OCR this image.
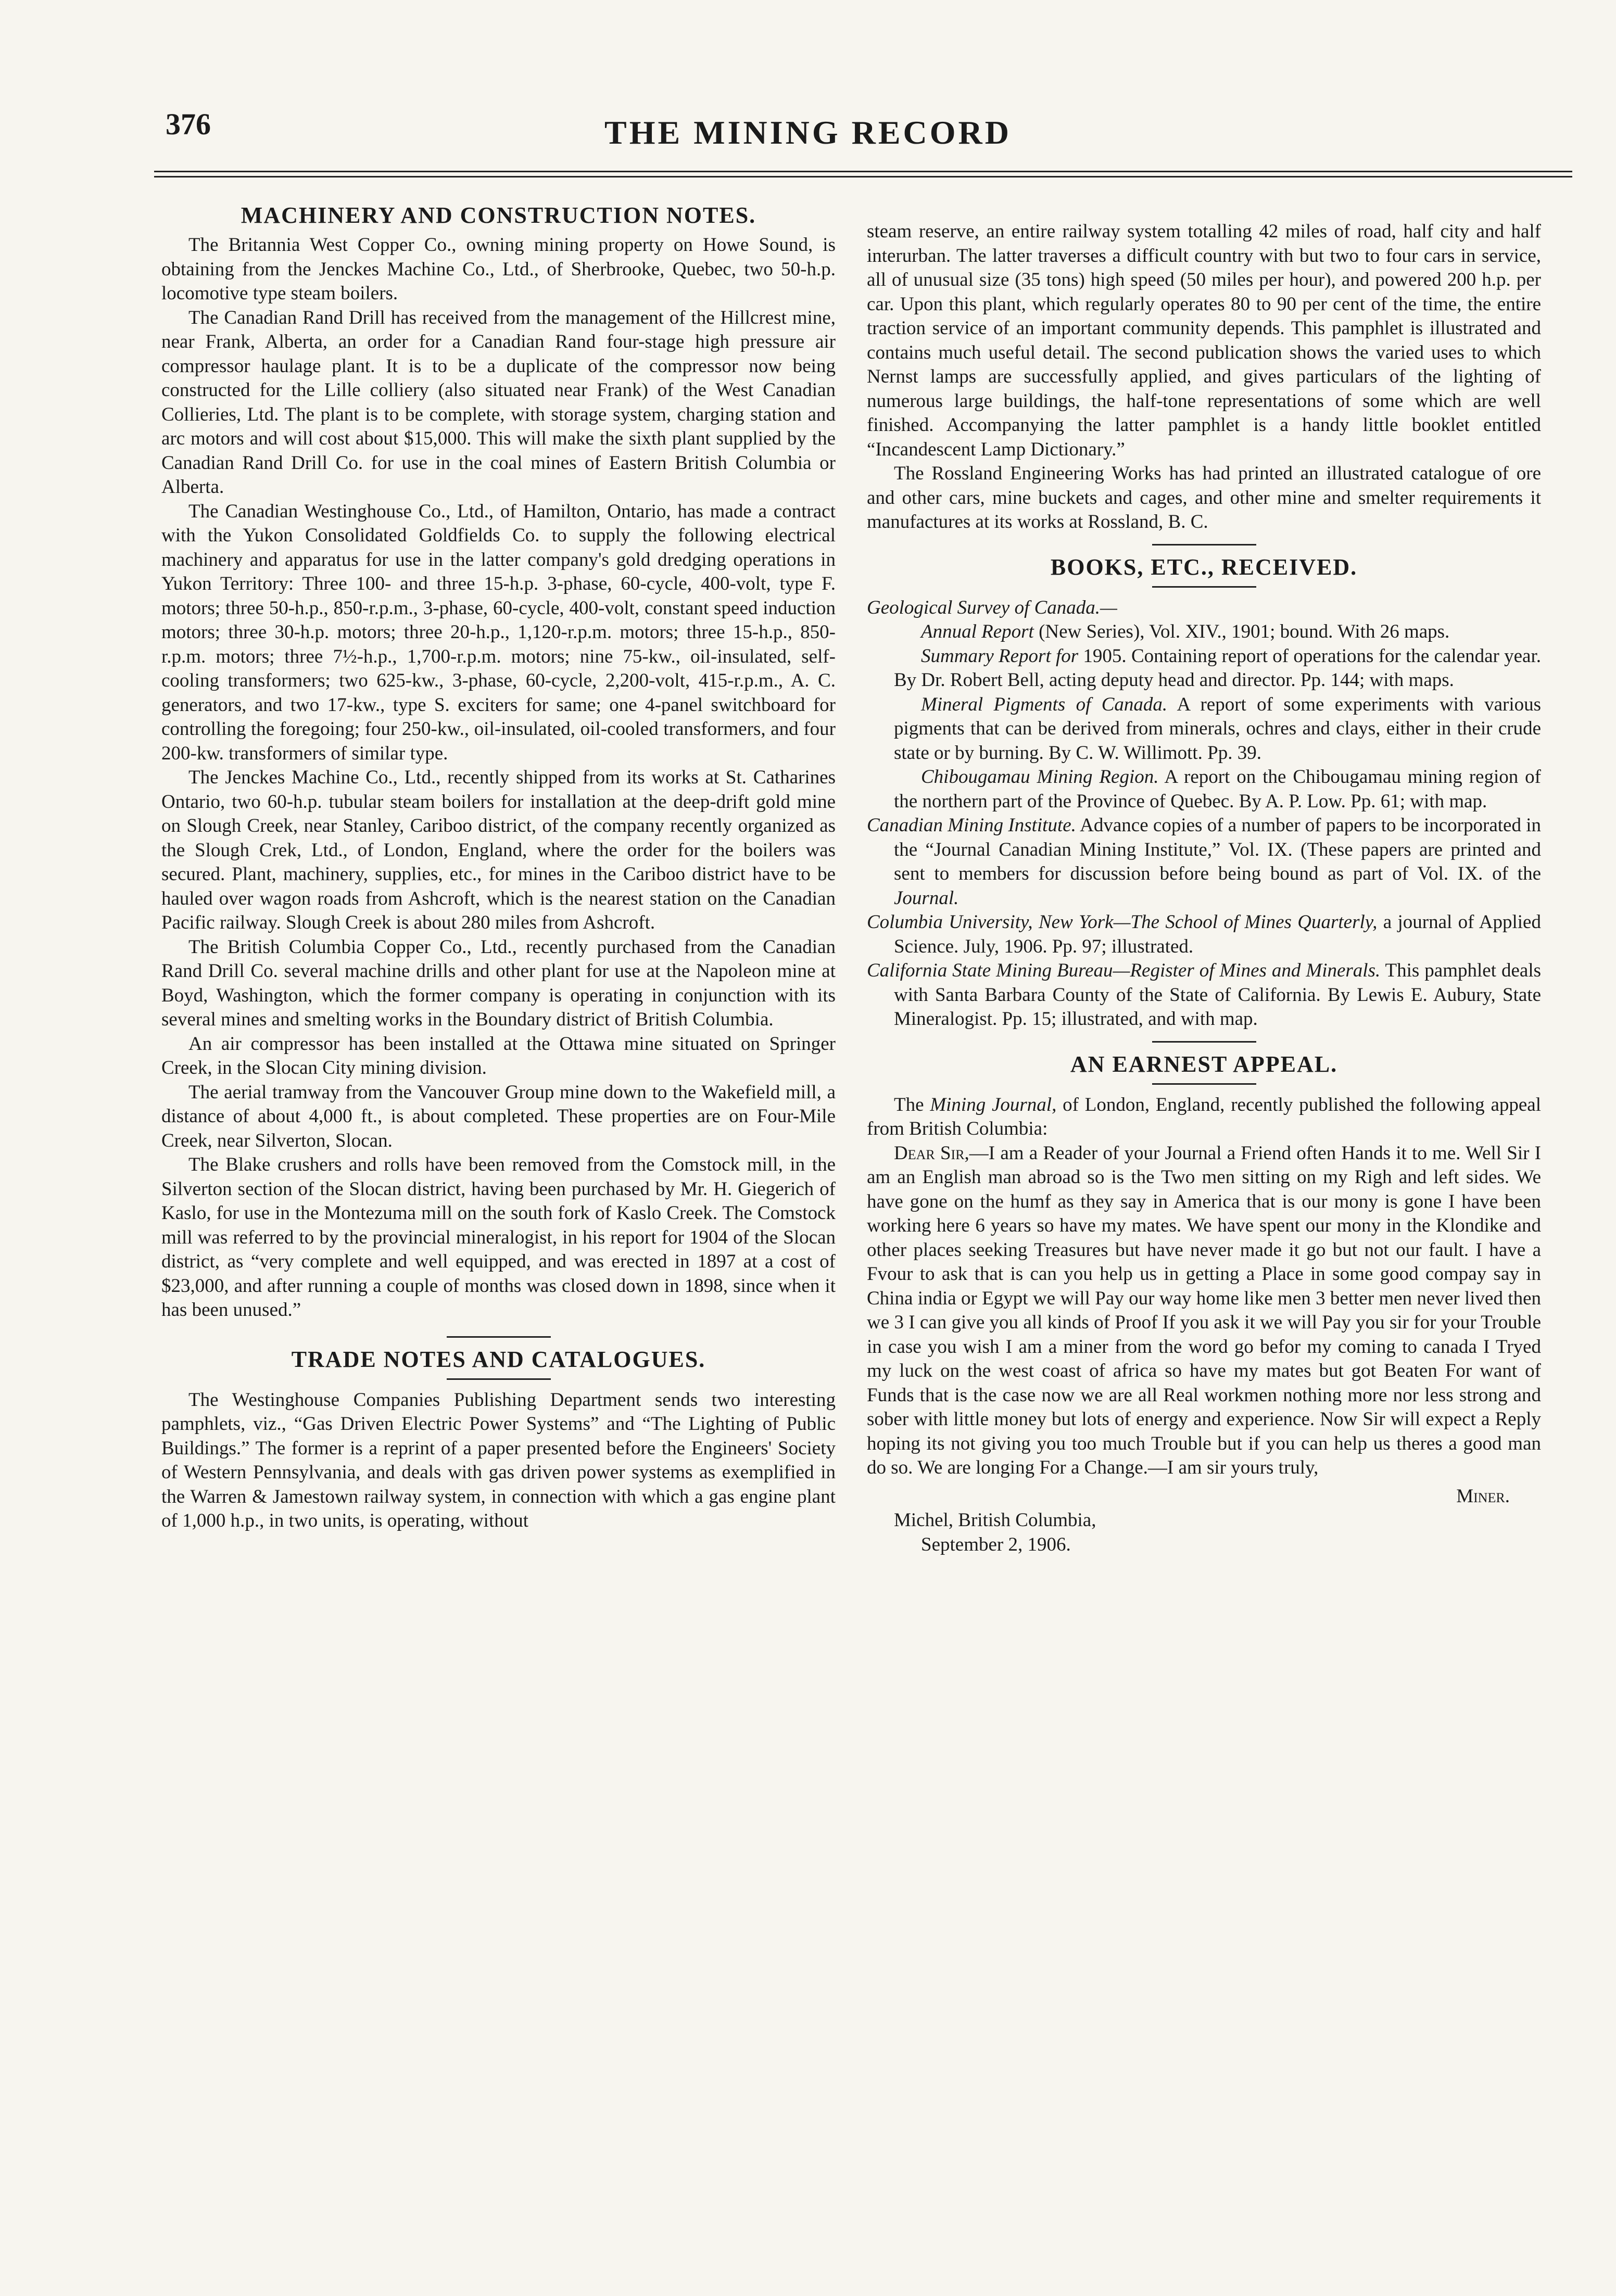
376	THE MINING RECORD
MACHINERY AND CONSTRUCTION NOTES.

The Britannia West Copper Co., owning mining property on Howe Sound, is obtaining from the Jenckes Machine Co., Ltd., of Sherbrooke, Quebec, two 50-h.p. locomotive type steam boilers.

The Canadian Rand Drill has received from the management of the Hillcrest mine, near Frank, Alberta, an order for a Canadian Rand four-stage high pressure air compressor haulage plant. It is to be a duplicate of the compressor now being constructed for the Lille colliery (also situated near Frank) of the West Canadian Collieries, Ltd. The plant is to be complete, with storage system, charging station and arc motors and will cost about $15,000. This will make the sixth plant supplied by the Canadian Rand Drill Co. for use in the coal mines of Eastern British Columbia or Alberta.

The Canadian Westinghouse Co., Ltd., of Hamilton, Ontario, has made a contract with the Yukon Consolidated Goldfields Co. to supply the following electrical machinery and apparatus for use in the latter company's gold dredging operations in Yukon Territory: Three 100- and three 15-h.p. 3-phase, 60-cycle, 400-volt, type F. motors; three 50-h.p., 850-r.p.m., 3-phase, 60-cycle, 400-volt, constant speed induction motors; three 30-h.p. motors; three 20-h.p., 1,120-r.p.m. motors; three 15-h.p., 850-r.p.m. motors; three 7½-h.p., 1,700-r.p.m. motors; nine 75-kw., oil-insulated, self-cooling transformers; two 625-kw., 3-phase, 60-cycle, 2,200-volt, 415-r.p.m., A. C. generators, and two 17-kw., type S. exciters for same; one 4-panel switchboard for controlling the foregoing; four 250-kw., oil-insulated, oil-cooled transformers, and four 200-kw. transformers of similar type.

The Jenckes Machine Co., Ltd., recently shipped from its works at St. Catharines Ontario, two 60-h.p. tubular steam boilers for installation at the deep-drift gold mine on Slough Creek, near Stanley, Cariboo district, of the company recently organized as the Slough Crek, Ltd., of London, England, where the order for the boilers was secured. Plant, machinery, supplies, etc., for mines in the Cariboo district have to be hauled over wagon roads from Ashcroft, which is the nearest station on the Canadian Pacific railway. Slough Creek is about 280 miles from Ashcroft.

The British Columbia Copper Co., Ltd., recently purchased from the Canadian Rand Drill Co. several machine drills and other plant for use at the Napoleon mine at Boyd, Washington, which the former company is operating in conjunction with its several mines and smelting works in the Boundary district of British Columbia.

An air compressor has been installed at the Ottawa mine situated on Springer Creek, in the Slocan City mining division.

The aerial tramway from the Vancouver Group mine down to the Wakefield mill, a distance of about 4,000 ft., is about completed. These properties are on Four-Mile Creek, near Silverton, Slocan.

The Blake crushers and rolls have been removed from the Comstock mill, in the Silverton section of the Slocan district, having been purchased by Mr. H. Giegerich of Kaslo, for use in the Montezuma mill on the south fork of Kaslo Creek. The Comstock mill was referred to by the provincial mineralogist, in his report for 1904 of the Slocan district, as “very complete and well equipped, and was erected in 1897 at a cost of $23,000, and after running a couple of months was closed down in 1898, since when it has been unused.”

TRADE NOTES AND CATALOGUES.

The Westinghouse Companies Publishing Department sends two interesting pamphlets, viz., “Gas Driven Electric Power Systems” and “The Lighting of Public Buildings.” The former is a reprint of a paper presented before the Engineers' Society of Western Pennsylvania, and deals with gas driven power systems as exemplified in the Warren & Jamestown railway system, in connection with which a gas engine plant of 1,000 h.p., in two units, is operating, without

steam reserve, an entire railway system totalling 42 miles of road, half city and half interurban. The latter traverses a difficult country with but two to four cars in service, all of unusual size (35 tons) high speed (50 miles per hour), and powered 200 h.p. per car. Upon this plant, which regularly operates 80 to 90 per cent of the time, the entire traction service of an important community depends. This pamphlet is illustrated and contains much useful detail. The second publication shows the varied uses to which Nernst lamps are successfully applied, and gives particulars of the lighting of numerous large buildings, the half-tone representations of some which are well finished. Accompanying the latter pamphlet is a handy little booklet entitled “Incandescent Lamp Dictionary.”

The Rossland Engineering Works has had printed an illustrated catalogue of ore and other cars, mine buckets and cages, and other mine and smelter requirements it manufactures at its works at Rossland, B. C.

BOOKS, ETC., RECEIVED.

Geological Survey of Canada.—

Annual Report (New Series), Vol. XIV., 1901; bound. With 26 maps.

Summary Report for 1905. Containing report of operations for the calendar year. By Dr. Robert Bell, acting deputy head and director. Pp. 144; with maps.

Mineral Pigments of Canada. A report of some experiments with various pigments that can be derived from minerals, ochres and clays, either in their crude state or by burning. By C. W. Willimott. Pp. 39.

Chibougamau Mining Region. A report on the Chibougamau mining region of the northern part of the Province of Quebec. By A. P. Low. Pp. 61; with map.

Canadian Mining Institute. Advance copies of a number of papers to be incorporated in the “Journal Canadian Mining Institute,” Vol. IX. (These papers are printed and sent to members for discussion before being bound as part of Vol. IX. of the Journal.

Columbia University, New York—The School of Mines Quarterly, a journal of Applied Science. July, 1906. Pp. 97; illustrated.

California State Mining Bureau—Register of Mines and Minerals. This pamphlet deals with Santa Barbara County of the State of California. By Lewis E. Aubury, State Mineralogist. Pp. 15; illustrated, and with map.

AN EARNEST APPEAL.

The Mining Journal, of London, England, recently published the following appeal from British Columbia:

Dear Sir,—I am a Reader of your Journal a Friend often Hands it to me. Well Sir I am an English man abroad so is the Two men sitting on my Righ and left sides. We have gone on the humf as they say in America that is our mony is gone I have been working here 6 years so have my mates. We have spent our mony in the Klondike and other places seeking Treasures but have never made it go but not our fault. I have a Fvour to ask that is can you help us in getting a Place in some good compay say in China india or Egypt we will Pay our way home like men 3 better men never lived then we 3 I can give you all kinds of Proof If you ask it we will Pay you sir for your Trouble in case you wish I am a miner from the word go befor my coming to canada I Tryed my luck on the west coast of africa so have my mates but got Beaten For want of Funds that is the case now we are all Real workmen nothing more nor less strong and sober with little money but lots of energy and experience. Now Sir will expect a Reply hoping its not giving you too much Trouble but if you can help us theres a good man do so. We are longing For a Change.—I am sir yours truly,

Miner.

Michel, British Columbia,

September 2, 1906.
